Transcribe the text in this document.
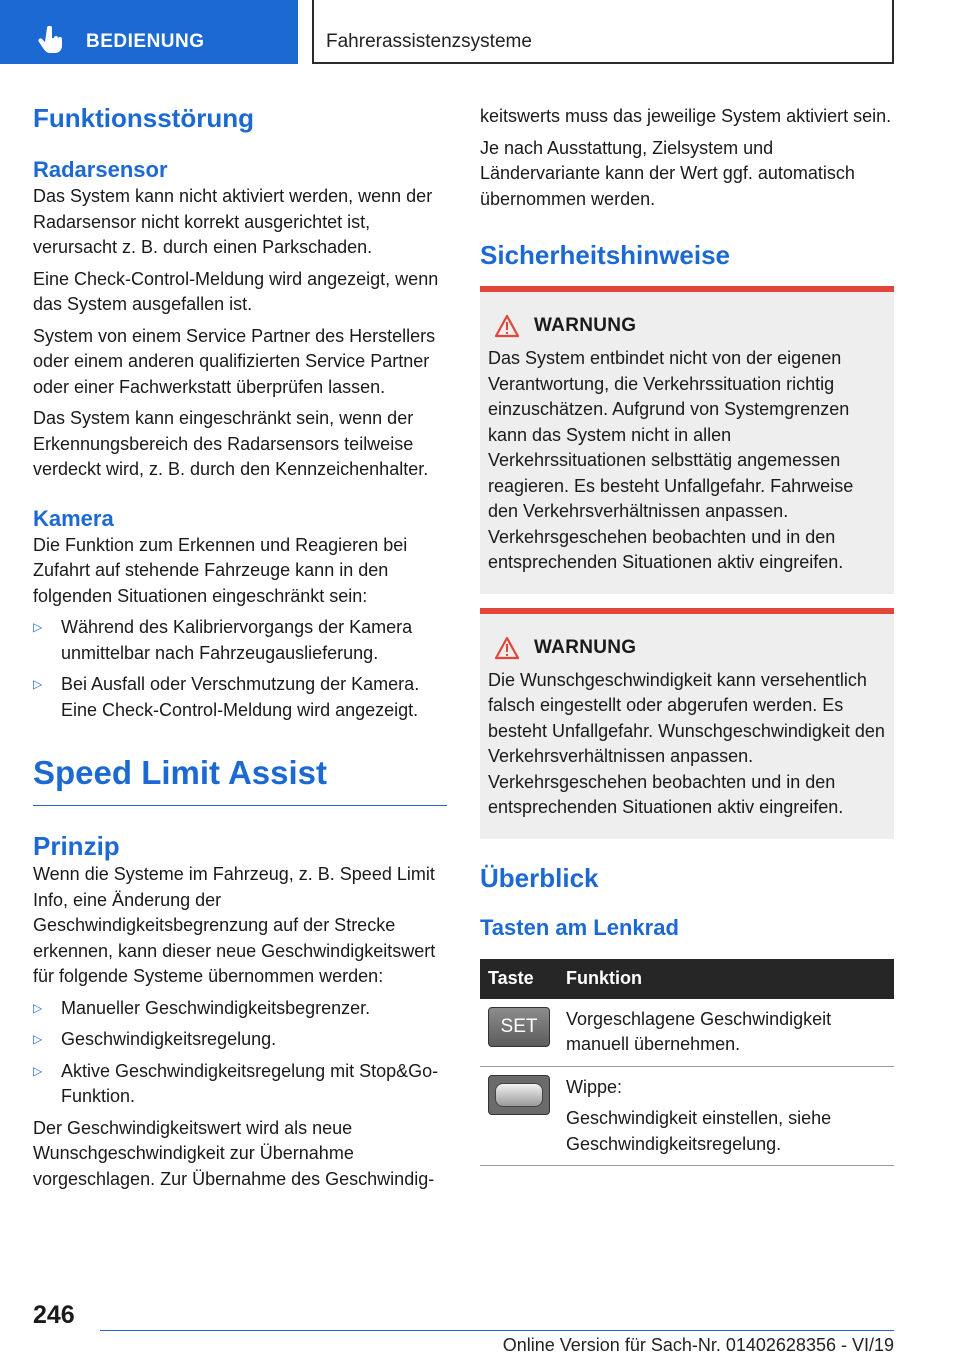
BEDIENUNG	Fahrerassistenzsysteme
Funktionsstörung
Radarsensor

Das System kann nicht aktiviert werden, wenn der Radarsensor nicht korrekt ausgerichtet ist, verursacht z. B. durch einen Parkschaden.

Eine Check-Control-Meldung wird angezeigt, wenn das System ausgefallen ist.

System von einem Service Partner des Herstellers oder einem anderen qualifizierten Service Partner oder einer Fachwerkstatt überprüfen lassen.

Das System kann eingeschränkt sein, wenn der Erkennungsbereich des Radarsensors teilweise verdeckt wird, z. B. durch den Kennzeichenhalter.

Kamera

Die Funktion zum Erkennen und Reagieren bei Zufahrt auf stehende Fahrzeuge kann in den folgenden Situationen eingeschränkt sein:

▷	Während des Kalibriervorgangs der Kamera unmittelbar nach Fahrzeugauslieferung.
▷	Bei Ausfall oder Verschmutzung der Kamera. Eine Check-Control-Meldung wird angezeigt.
Speed Limit Assist
Prinzip

Wenn die Systeme im Fahrzeug, z. B. Speed Limit Info, eine Änderung der Geschwindigkeitsbegrenzung auf der Strecke erkennen, kann dieser neue Geschwindigkeitswert für folgende Systeme übernommen werden:

▷	Manueller Geschwindigkeitsbegrenzer.
▷	Geschwindigkeitsregelung.
▷	Aktive Geschwindigkeitsregelung mit Stop&Go-Funktion.

Der Geschwindigkeitswert wird als neue Wunschgeschwindigkeit zur Übernahme vorgeschlagen. Zur Übernahme des Geschwindig-

keitswerts muss das jeweilige System aktiviert sein.

Je nach Ausstattung, Zielsystem und Ländervariante kann der Wert ggf. automatisch übernommen werden.

Sicherheitshinweise
WARNUNG

Das System entbindet nicht von der eigenen Verantwortung, die Verkehrssituation richtig einzuschätzen. Aufgrund von Systemgrenzen kann das System nicht in allen Verkehrssituationen selbsttätig angemessen reagieren. Es besteht Unfallgefahr. Fahrweise den Verkehrsverhältnissen anpassen. Verkehrsgeschehen beobachten und in den entsprechenden Situationen aktiv eingreifen.

WARNUNG

Die Wunschgeschwindigkeit kann versehentlich falsch eingestellt oder abgerufen werden. Es besteht Unfallgefahr. Wunschgeschwindigkeit den Verkehrsverhältnissen anpassen. Verkehrsgeschehen beobachten und in den entsprechenden Situationen aktiv eingreifen.

Überblick
Tasten am Lenkrad
Taste	Funktion

SET	Vorgeschlagene Geschwindigkeit manuell übernehmen.

	Wippe:
Geschwindigkeit einstellen, siehe Geschwindigkeitsregelung.
246
Online Version für Sach-Nr. 01402628356 - VI/19
